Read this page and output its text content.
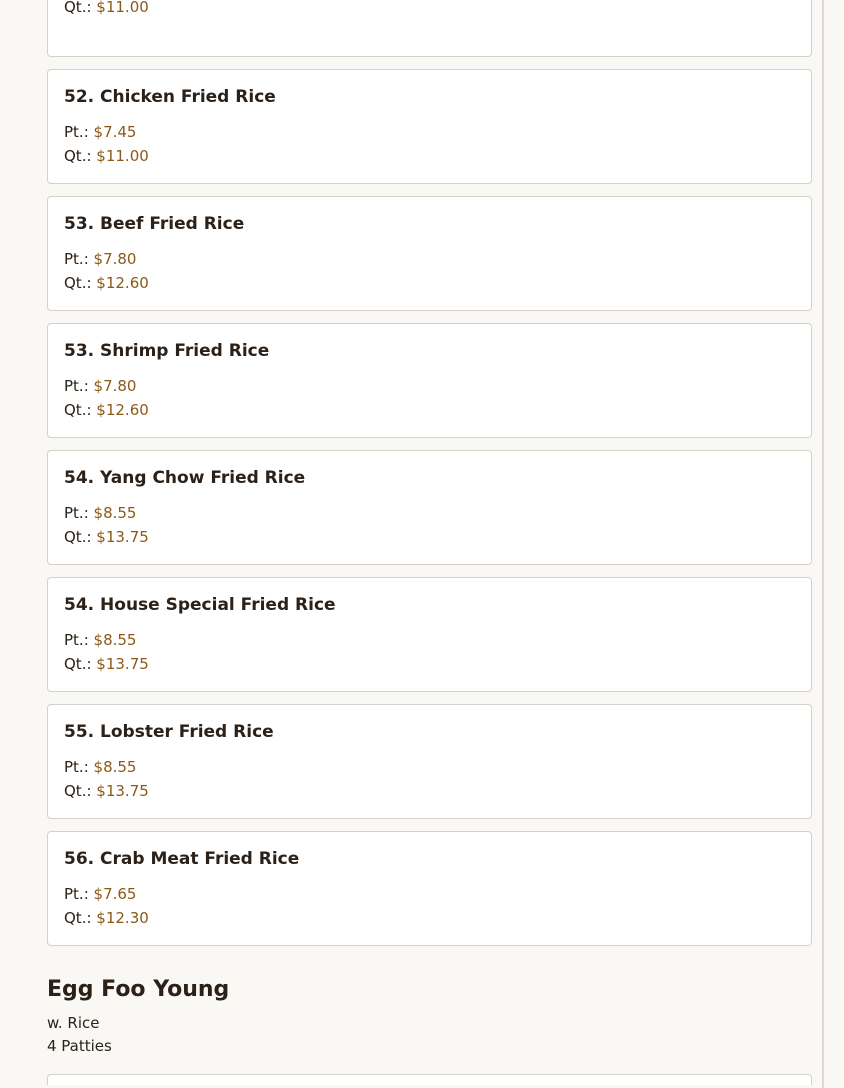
Qt.: $11.00
52. Chicken Fried Rice
Pt.: $7.45
Qt.: $11.00
53. Beef Fried Rice
Pt.: $7.80
Qt.: $12.60
53. Shrimp Fried Rice
Pt.: $7.80
Qt.: $12.60
54. Yang Chow Fried Rice
Pt.: $8.55
Qt.: $13.75
54. House Special Fried Rice
Pt.: $8.55
Qt.: $13.75
55. Lobster Fried Rice
Pt.: $8.55
Qt.: $13.75
56. Crab Meat Fried Rice
Pt.: $7.65
Qt.: $12.30
Egg Foo Young
w. Rice
4 Patties
